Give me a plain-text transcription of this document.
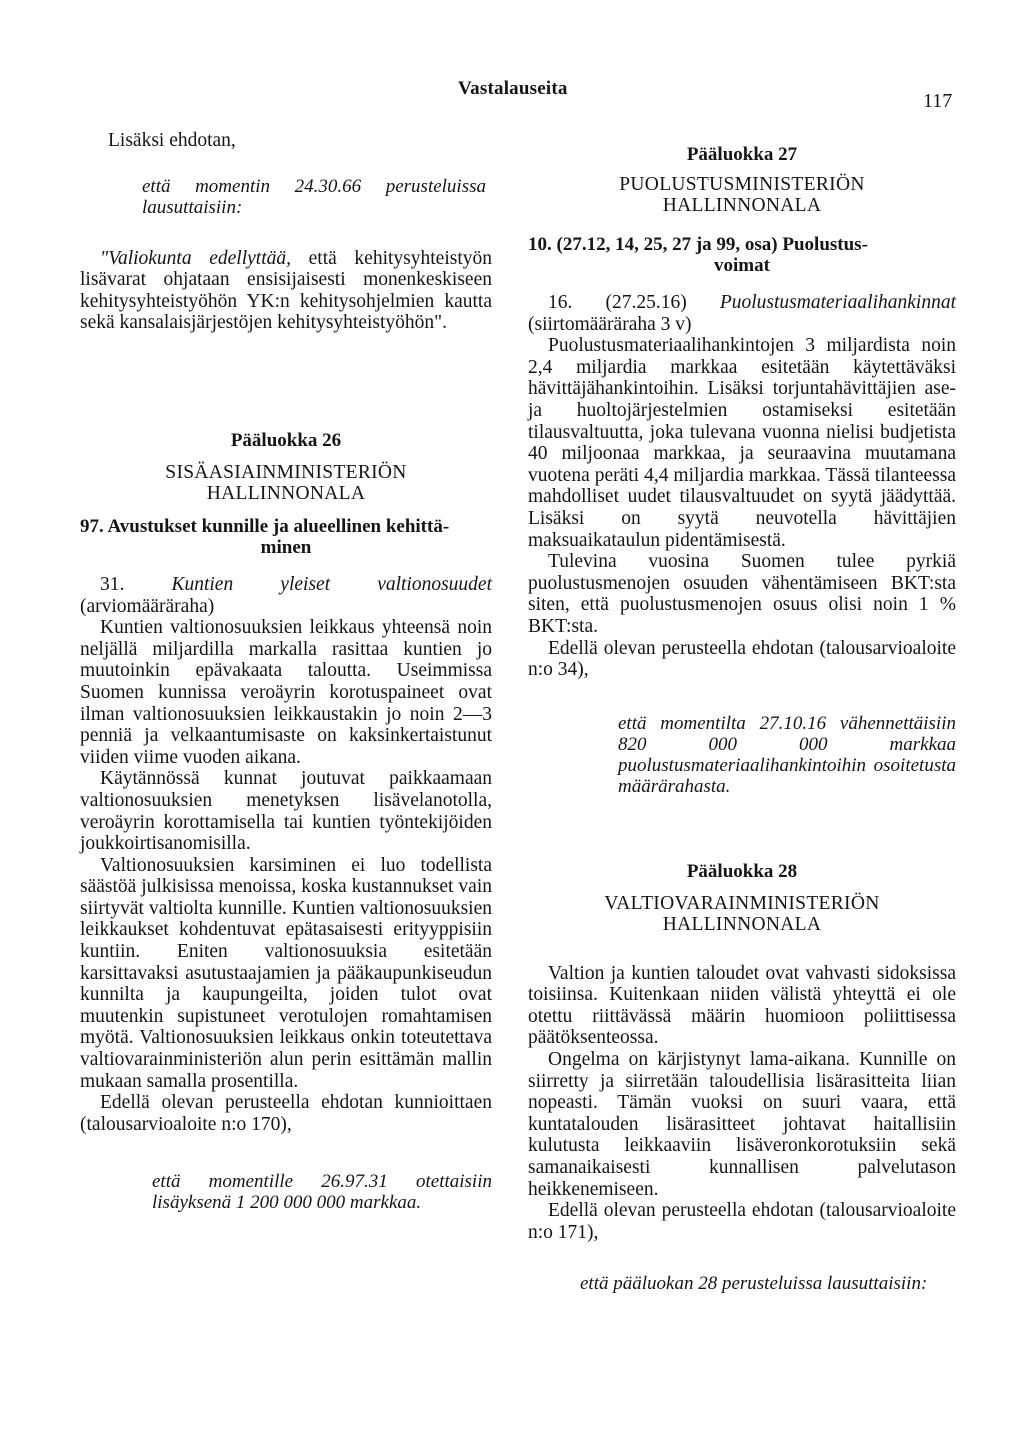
Vastalauseita
117

Lisäksi ehdotan,

että momentin 24.30.66 perusteluissa lausuttaisiin:

"Valiokunta edellyttää, että kehitysyhteistyön lisävarat ohjataan ensisijaisesti monenkeskiseen kehitysyhteistyöhön YK:n kehitysohjelmien kautta sekä kansalaisjärjestöjen kehitysyhteistyöhön".

Pääluokka 26
SISÄASIAINMINISTERIÖN HALLINNONALA
97. Avustukset kunnille ja alueellinen kehittä-
minen

31. Kuntien yleiset valtionosuudet (arviomääräraha)

Kuntien valtionosuuksien leikkaus yhteensä noin neljällä miljardilla markalla rasittaa kuntien jo muutoinkin epävakaata taloutta. Useimmissa Suomen kunnissa veroäyrin korotuspaineet ovat ilman valtionosuuksien leikkaustakin jo noin 2—3 penniä ja velkaantumisaste on kaksinkertaistunut viiden viime vuoden aikana.

Käytännössä kunnat joutuvat paikkaamaan valtionosuuksien menetyksen lisävelanotolla, veroäyrin korottamisella tai kuntien työntekijöiden joukkoirtisanomisilla.

Valtionosuuksien karsiminen ei luo todellista säästöä julkisissa menoissa, koska kustannukset vain siirtyvät valtiolta kunnille. Kuntien valtionosuuksien leikkaukset kohdentuvat epätasaisesti erityyppisiin kuntiin. Eniten valtionosuuksia esitetään karsittavaksi asutustaajamien ja pääkaupunkiseudun kunnilta ja kaupungeilta, joiden tulot ovat muutenkin supistuneet verotulojen romahtamisen myötä. Valtionosuuksien leikkaus onkin toteutettava valtiovarainministeriön alun perin esittämän mallin mukaan samalla prosentilla.

Edellä olevan perusteella ehdotan kunnioittaen (talousarvioaloite n:o 170),

että momentille 26.97.31 otettaisiin lisäyksenä 1 200 000 000 markkaa.

Pääluokka 27
PUOLUSTUSMINISTERIÖN HALLINNONALA
10. (27.12, 14, 25, 27 ja 99, osa) Puolustus-
voimat

16. (27.25.16) Puolustusmateriaalihankinnat (siirtomääräraha 3 v)

Puolustusmateriaalihankintojen 3 miljardista noin 2,4 miljardia markkaa esitetään käytettäväksi hävittäjähankintoihin. Lisäksi torjuntahävittäjien ase- ja huoltojärjestelmien ostamiseksi esitetään tilausvaltuutta, joka tulevana vuonna nielisi budjetista 40 miljoonaa markkaa, ja seuraavina muutamana vuotena peräti 4,4 miljardia markkaa. Tässä tilanteessa mahdolliset uudet tilausvaltuudet on syytä jäädyttää. Lisäksi on syytä neuvotella hävittäjien maksuaikataulun pidentämisestä.

Tulevina vuosina Suomen tulee pyrkiä puolustusmenojen osuuden vähentämiseen BKT:sta siten, että puolustusmenojen osuus olisi noin 1 % BKT:sta.

Edellä olevan perusteella ehdotan (talousarvioaloite n:o 34),

että momentilta 27.10.16 vähennettäisiin 820 000 000 markkaa puolustusmateriaalihankintoihin osoitetusta määrärahasta.

Pääluokka 28
VALTIOVARAINMINISTERIÖN HALLINNONALA

Valtion ja kuntien taloudet ovat vahvasti sidoksissa toisiinsa. Kuitenkaan niiden välistä yhteyttä ei ole otettu riittävässä määrin huomioon poliittisessa päätöksenteossa.

Ongelma on kärjistynyt lama-aikana. Kunnille on siirretty ja siirretään taloudellisia lisärasitteita liian nopeasti. Tämän vuoksi on suuri vaara, että kuntatalouden lisärasitteet johtavat haitallisiin kulutusta leikkaaviin lisäveronkorotuksiin sekä samanaikaisesti kunnallisen palvelutason heikkenemiseen.

Edellä olevan perusteella ehdotan (talousarvioaloite n:o 171),

että pääluokan 28 perusteluissa lausuttaisiin:
